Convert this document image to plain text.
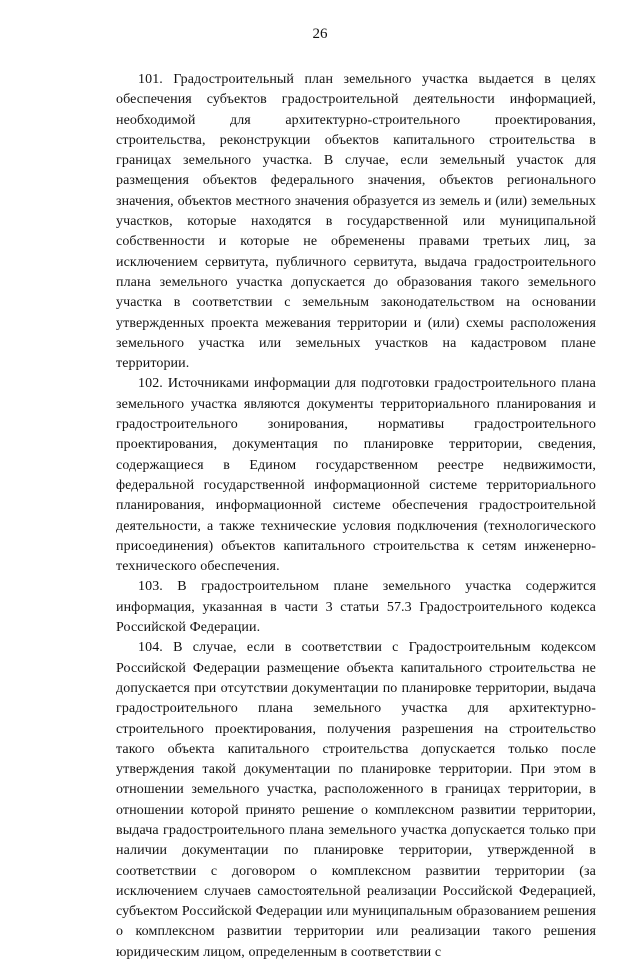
26

101. Градостроительный план земельного участка выдается в целях обеспечения субъектов градостроительной деятельности информацией, необходимой для архитектурно-строительного проектирования, строительства, реконструкции объектов капитального строительства в границах земельного участка. В случае, если земельный участок для размещения объектов федерального значения, объектов регионального значения, объектов местного значения образуется из земель и (или) земельных участков, которые находятся в государственной или муниципальной собственности и которые не обременены правами третьих лиц, за исключением сервитута, публичного сервитута, выдача градостроительного плана земельного участка допускается до образования такого земельного участка в соответствии с земельным законодательством на основании утвержденных проекта межевания территории и (или) схемы расположения земельного участка или земельных участков на кадастровом плане территории.

102. Источниками информации для подготовки градостроительного плана земельного участка являются документы территориального планирования и градостроительного зонирования, нормативы градостроительного проектирования, документация по планировке территории, сведения, содержащиеся в Едином государственном реестре недвижимости, федеральной государственной информационной системе территориального планирования, информационной системе обеспечения градостроительной деятельности, а также технические условия подключения (технологического присоединения) объектов капитального строительства к сетям инженерно-технического обеспечения.

103. В градостроительном плане земельного участка содержится информация, указанная в части 3 статьи 57.3 Градостроительного кодекса Российской Федерации.

104. В случае, если в соответствии с Градостроительным кодексом Российской Федерации размещение объекта капитального строительства не допускается при отсутствии документации по планировке территории, выдача градостроительного плана земельного участка для архитектурно-строительного проектирования, получения разрешения на строительство такого объекта капитального строительства допускается только после утверждения такой документации по планировке территории. При этом в отношении земельного участка, расположенного в границах территории, в отношении которой принято решение о комплексном развитии территории, выдача градостроительного плана земельного участка допускается только при наличии документации по планировке территории, утвержденной в соответствии с договором о комплексном развитии территории (за исключением случаев самостоятельной реализации Российской Федерацией, субъектом Российской Федерации или муниципальным образованием решения о комплексном развитии территории или реализации такого решения юридическим лицом, определенным в соответствии с
